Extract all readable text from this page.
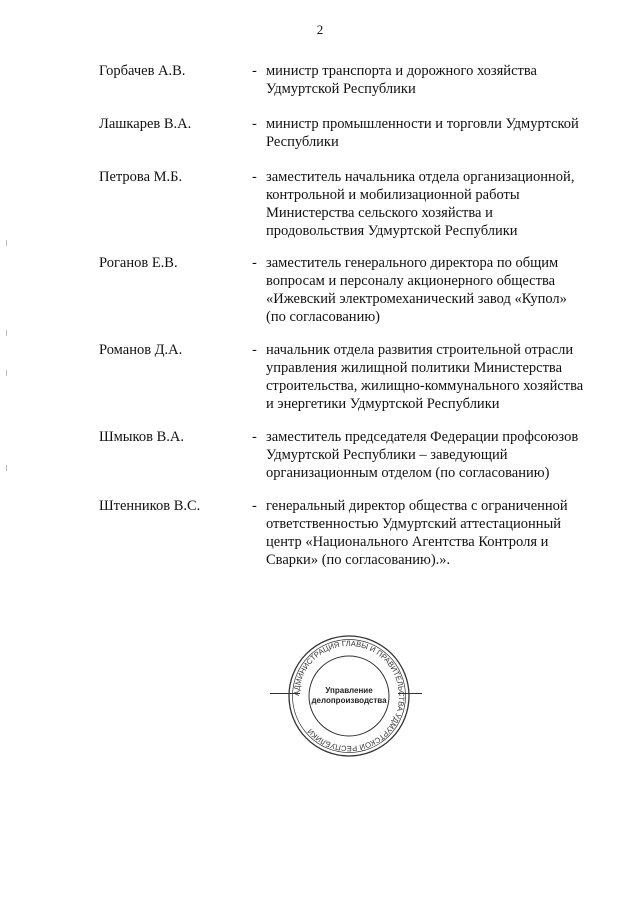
2
Горбачев А.В.	- министр транспорта и дорожного хозяйства
Удмуртской Республики
Лашкарев В.А.	- министр промышленности и торговли Удмуртской
Республики
Петрова М.Б.	- заместитель начальника отдела организационной,
контрольной и мобилизационной работы
Министерства сельского хозяйства и
продовольствия Удмуртской Республики
Роганов Е.В.	- заместитель генерального директора по общим
вопросам и персоналу акционерного общества
«Ижевский электромеханический завод «Купол»
(по согласованию)
Романов Д.А.	- начальник отдела развития строительной отрасли
управления жилищной политики Министерства
строительства, жилищно-коммунального хозяйства
и энергетики Удмуртской Республики
Шмыков В.А.	- заместитель председателя Федерации профсоюзов
Удмуртской Республики – заведующий
организационным отделом (по согласованию)
Штенников В.С.	- генеральный директор общества с ограниченной
ответственностью Удмуртский аттестационный
центр «Национального Агентства Контроля и
Сварки» (по согласованию).».
АДМИНИСТРАЦИЯ ГЛАВЫ И ПРАВИТЕЛЬСТВА УДМУРТСКОЙ РЕСПУБЛИКИ
Управление
делопроизводства
